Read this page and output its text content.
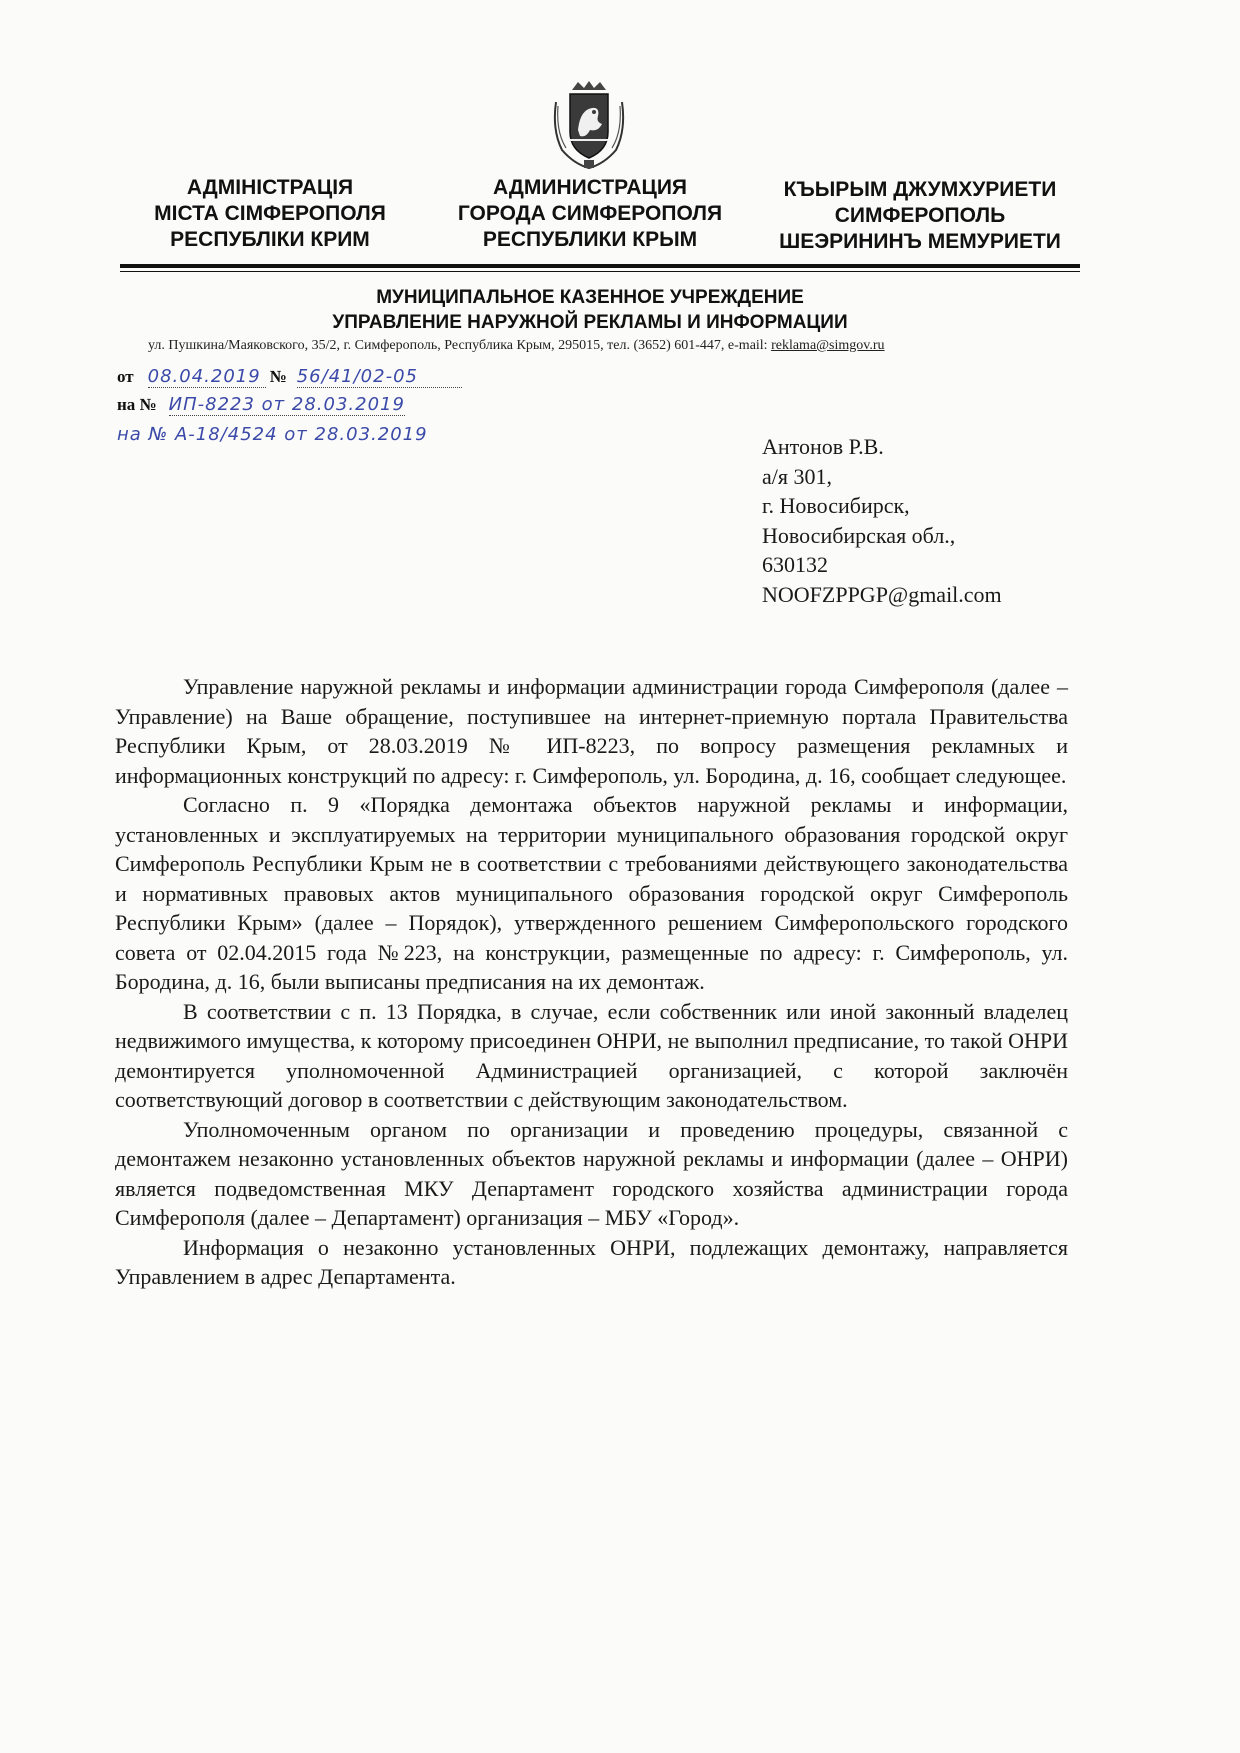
АДМІНІСТРАЦІЯ
МІСТА СІМФЕРОПОЛЯ
РЕСПУБЛІКИ КРИМ
АДМИНИСТРАЦИЯ
ГОРОДА СИМФЕРОПОЛЯ
РЕСПУБЛИКИ КРЫМ
КЪЫРЫМ ДЖУМХУРИЕТИ
СИМФЕРОПОЛЬ
ШЕЭРИНИНЪ МЕМУРИЕТИ
МУНИЦИПАЛЬНОЕ КАЗЕННОЕ УЧРЕЖДЕНИЕ
УПРАВЛЕНИЕ НАРУЖНОЙ РЕКЛАМЫ И ИНФОРМАЦИИ
ул. Пушкина/Маяковского, 35/2, г. Симферополь, Республика Крым, 295015, тел. (3652) 601-447, e-mail: reklama@simgov.ru
от 08.04.2019 № 56/41/02-05
на № ИП-8223 от 28.03.2019
на № А-18/4524 от 28.03.2019	Антонов Р.В.
а/я 301,
г. Новосибирск,
Новосибирская обл.,
630132
NOOFZPPGP@gmail.com

Управление наружной рекламы и информации администрации города Симферополя (далее – Управление) на Ваше обращение, поступившее на интернет-приемную портала Правительства Республики Крым, от 28.03.2019 № ИП-8223, по вопросу размещения рекламных и информационных конструкций по адресу: г. Симферополь, ул. Бородина, д. 16, сообщает следующее.

Согласно п. 9 «Порядка демонтажа объектов наружной рекламы и информации, установленных и эксплуатируемых на территории муниципального образования городской округ Симферополь Республики Крым не в соответствии с требованиями действующего законодательства и нормативных правовых актов муниципального образования городской округ Симферополь Республики Крым» (далее – Порядок), утвержденного решением Симферопольского городского совета от 02.04.2015 года №223, на конструкции, размещенные по адресу: г. Симферополь, ул. Бородина, д. 16, были выписаны предписания на их демонтаж.

В соответствии с п. 13 Порядка, в случае, если собственник или иной законный владелец недвижимого имущества, к которому присоединен ОНРИ, не выполнил предписание, то такой ОНРИ демонтируется уполномоченной Администрацией организацией, с которой заключён соответствующий договор в соответствии с действующим законодательством.

Уполномоченным органом по организации и проведению процедуры, связанной с демонтажем незаконно установленных объектов наружной рекламы и информации (далее – ОНРИ) является подведомственная МКУ Департамент городского хозяйства администрации города Симферополя (далее – Департамент) организация – МБУ «Город».

Информация о незаконно установленных ОНРИ, подлежащих демонтажу, направляется Управлением в адрес Департамента.
